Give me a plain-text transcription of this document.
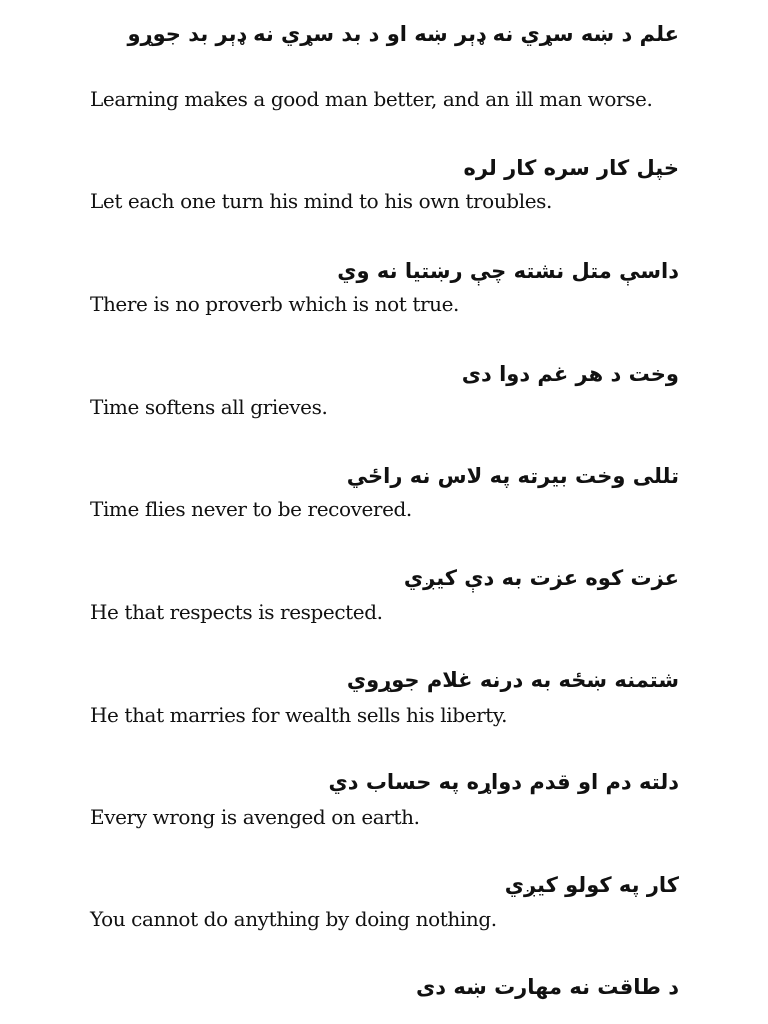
علم د ښه سړي نه ډېر ښه او د بد سړي نه ډېر بد جوړو
Learning makes a good man better, and an ill man worse.
خپل كار سره كار لره
Let each one turn his mind to his own troubles.
داسې متل نشته چې رښتیا نه وي
There is no proverb which is not true.
وخت د هر غم دوا دی
Time softens all grieves.
تللی وخت بیرته په لاس نه راځي
Time flies never to be recovered.
عزت كوه عزت به دې كیږي
He that respects is respected.
شتمنه ښځه به درنه غلام جوړوي
He that marries for wealth sells his liberty.
دلته دم او قدم دواړه په حساب دي
Every wrong is avenged on earth.
كار په كولو كیږي
You cannot do anything by doing nothing.
د طاقت نه مهارت ښه دی
